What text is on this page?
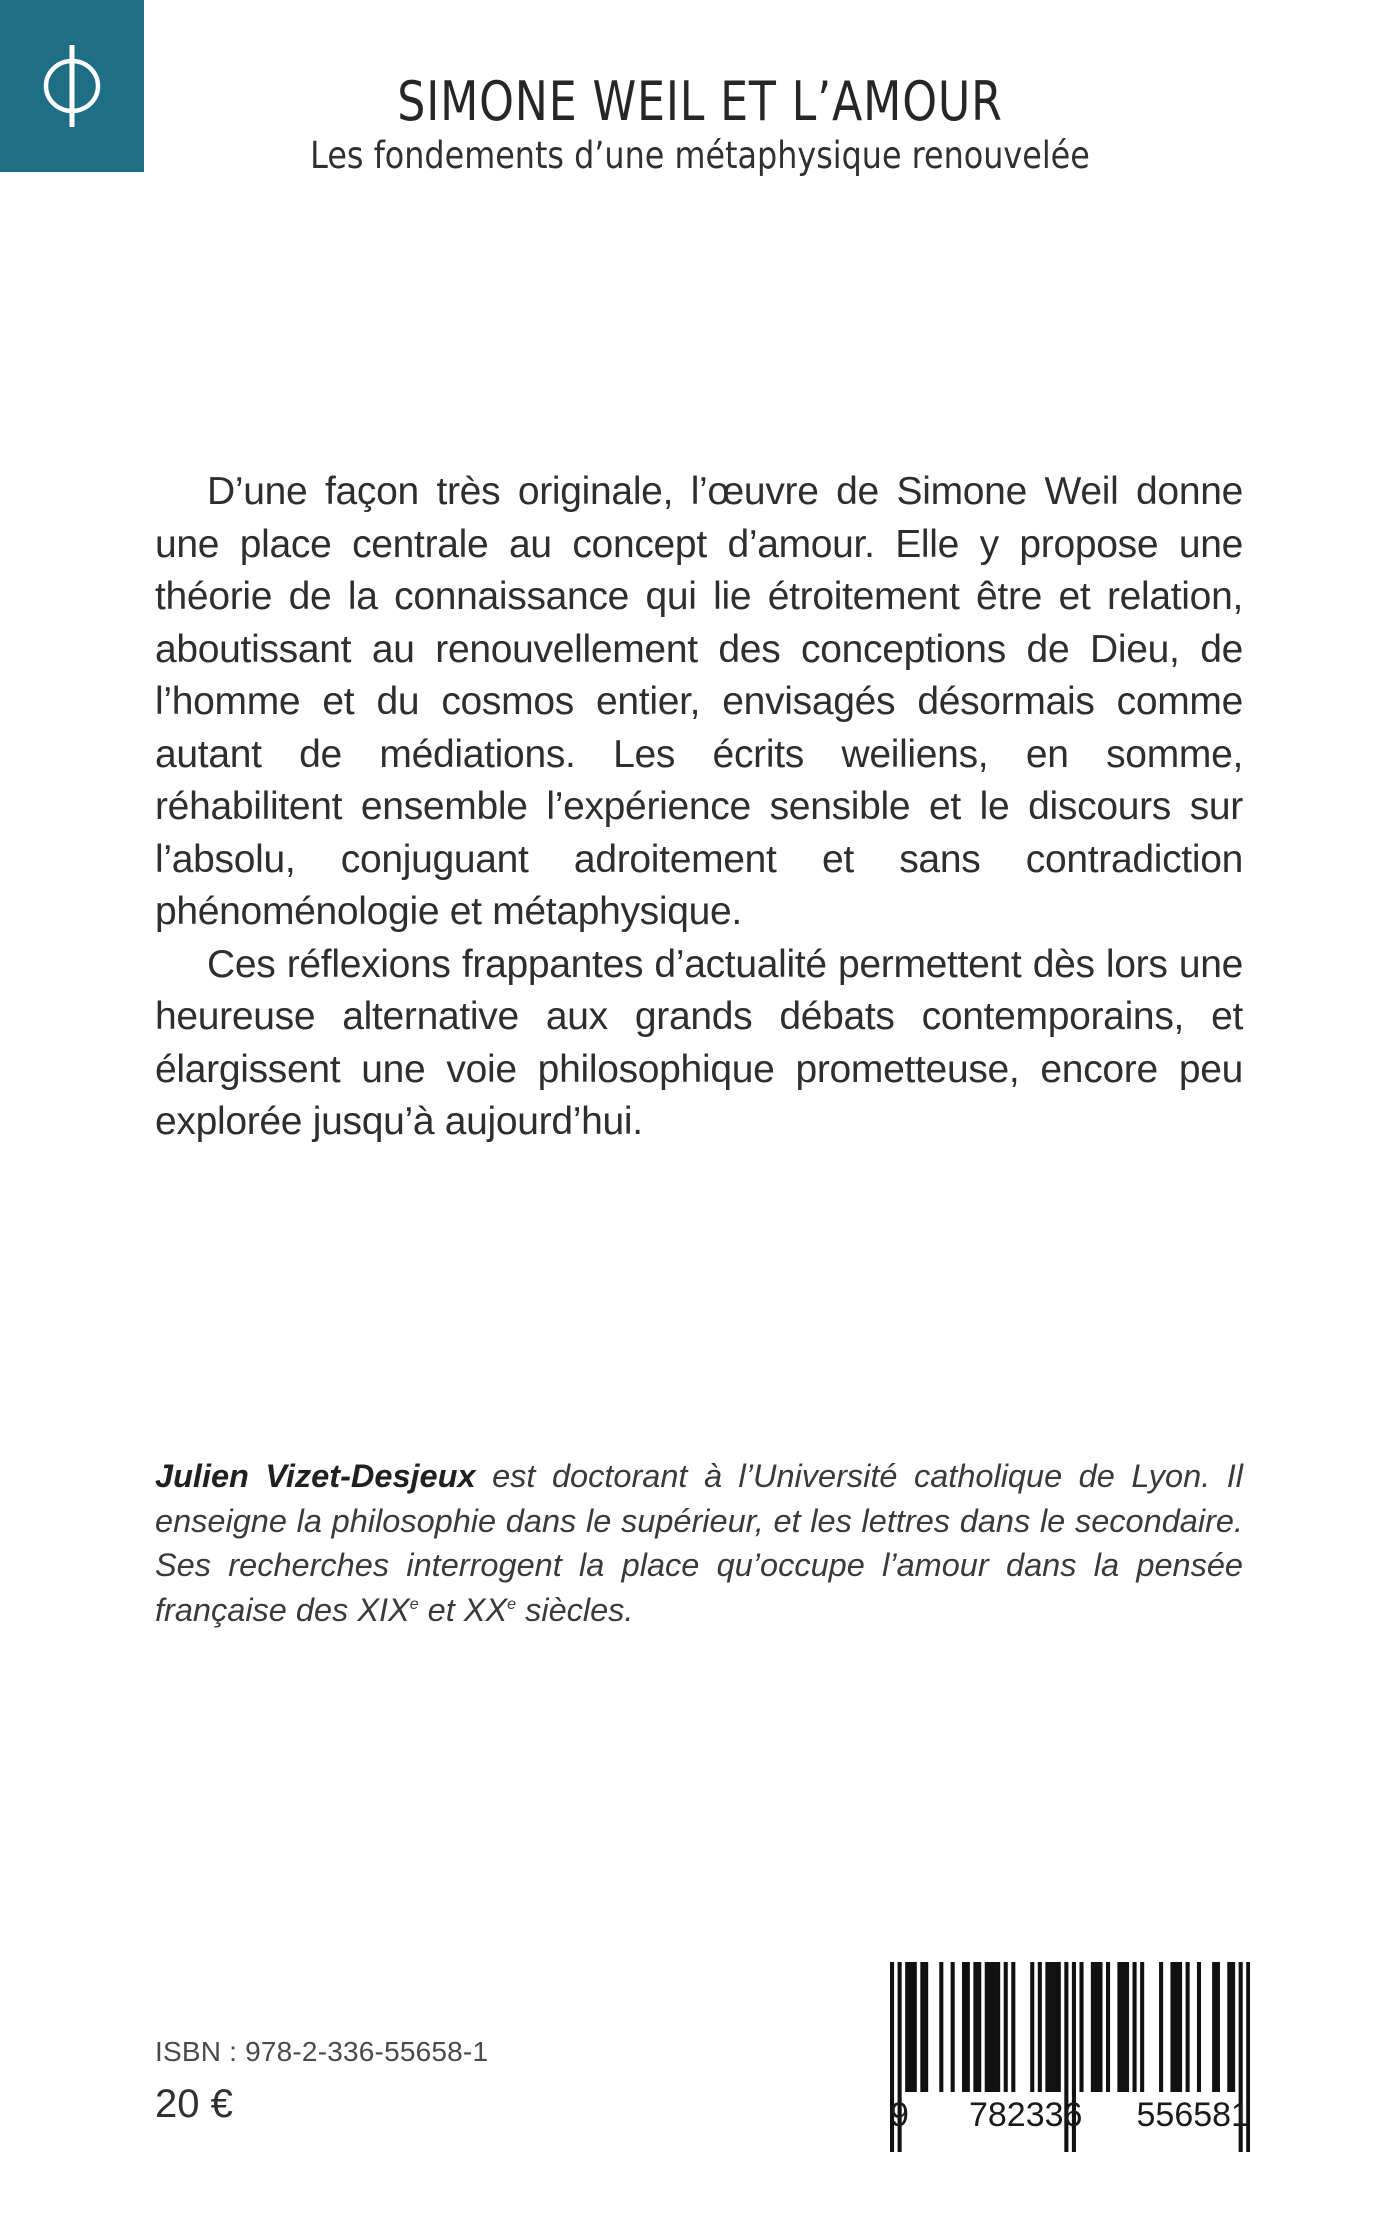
SIMONE WEIL ET L’AMOUR
Les fondements d’une métaphysique renouvelée

D’une façon très originale, l’œuvre de Simone Weil donne une place centrale au concept d’amour. Elle y propose une théorie de la connaissance qui lie étroitement être et relation, aboutissant au renouvellement des conceptions de Dieu, de l’homme et du cosmos entier, envisagés désormais comme autant de médiations. Les écrits weiliens, en somme, réhabilitent ensemble l’expérience sensible et le discours sur l’absolu, conjuguant adroitement et sans contradiction phénoménologie et métaphysique.

Ces réflexions frappantes d’actualité permettent dès lors une heureuse alternative aux grands débats contemporains, et élargissent une voie philosophique prometteuse, encore peu explorée jusqu’à aujourd’hui.

Julien Vizet-Desjeux est doctorant à l’Université catholique de Lyon. Il enseigne la philosophie dans le supérieur, et les lettres dans le secondaire. Ses recherches interrogent la place qu’occupe l’amour dans la pensée française des XIXe et XXe siècles.
ISBN : 978-2-336-55658-1
20 €	9 782336 556581
